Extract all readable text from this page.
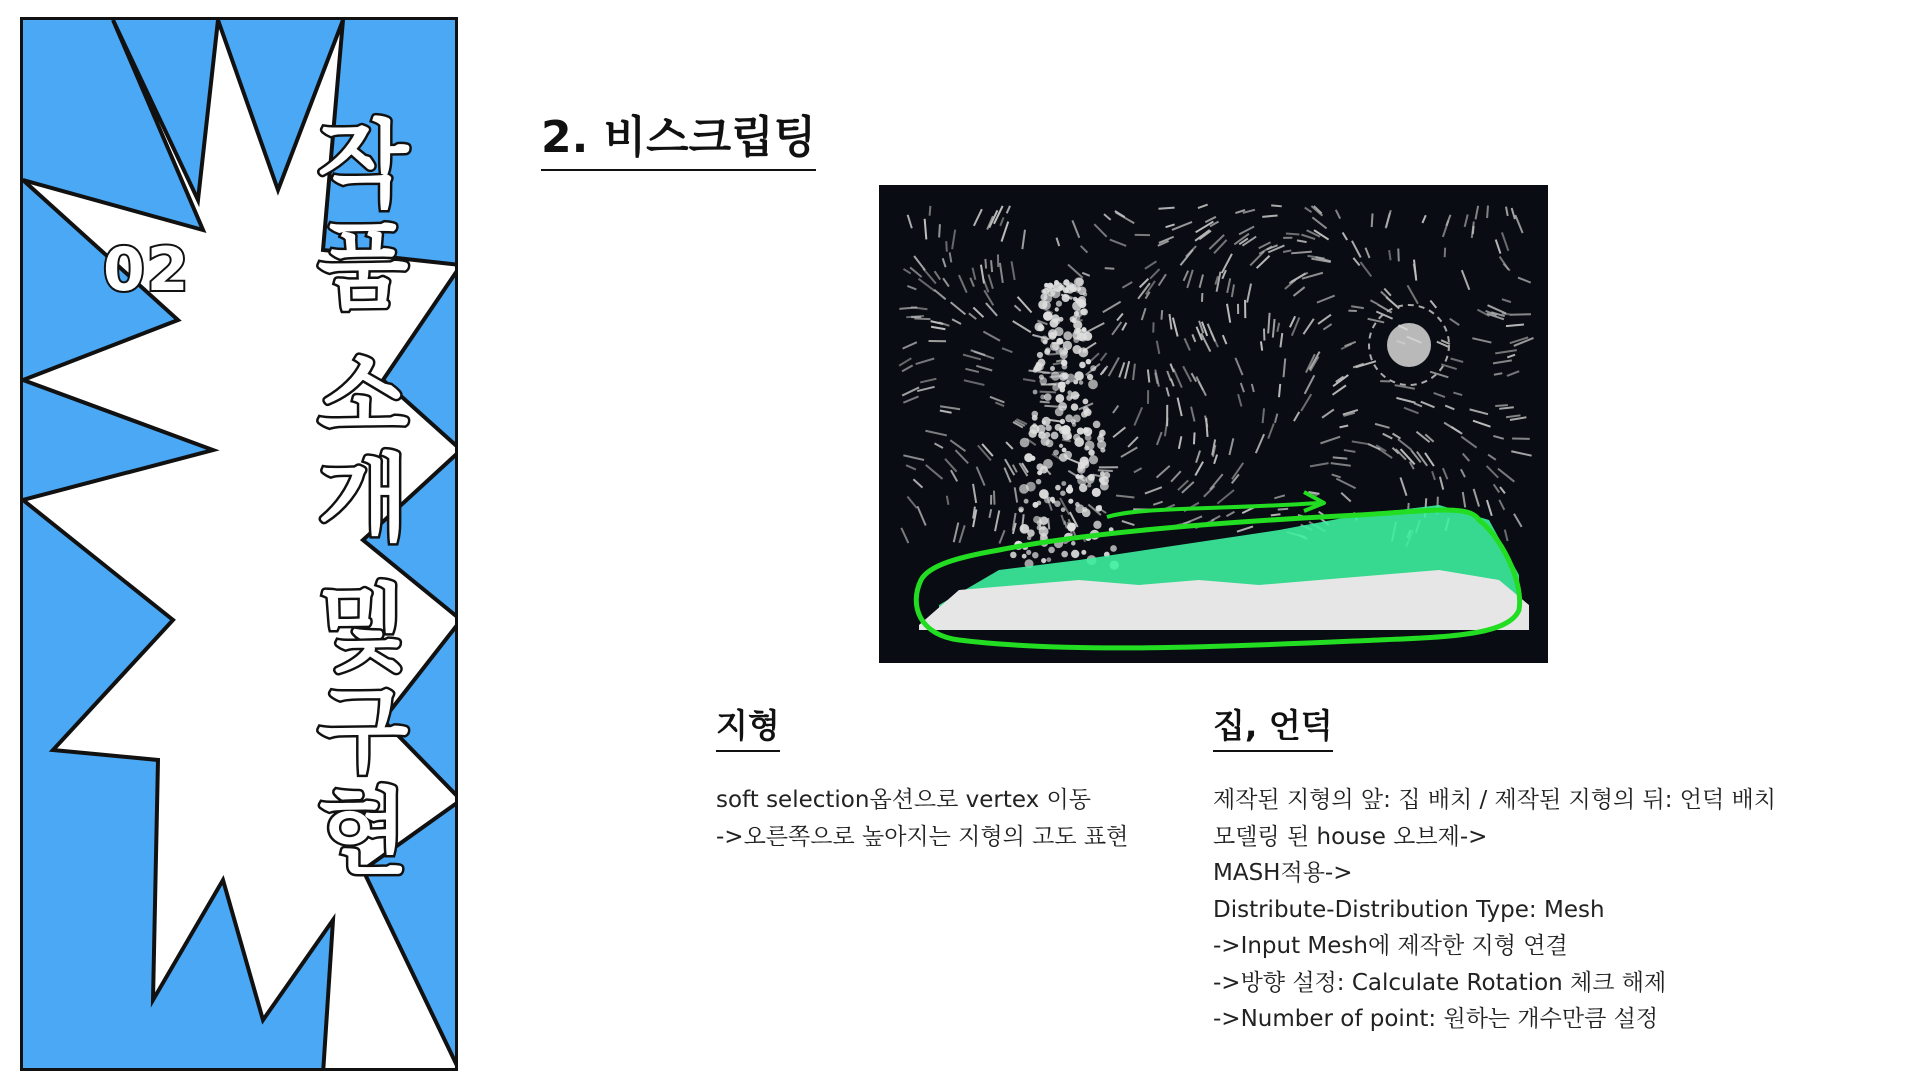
02
작
품
소
개
및
구
현
2. 비스크립팅
지형
soft selection옵션으로 vertex 이동
->오른쪽으로 높아지는 지형의 고도 표현
집, 언덕
제작된 지형의 앞: 집 배치 / 제작된 지형의 뒤: 언덕 배치
모델링 된 house 오브제->
MASH적용->
Distribute-Distribution Type: Mesh
->Input Mesh에 제작한 지형 연결
->방향 설정: Calculate Rotation 체크 해제
->Number of point: 원하는 개수만큼 설정
